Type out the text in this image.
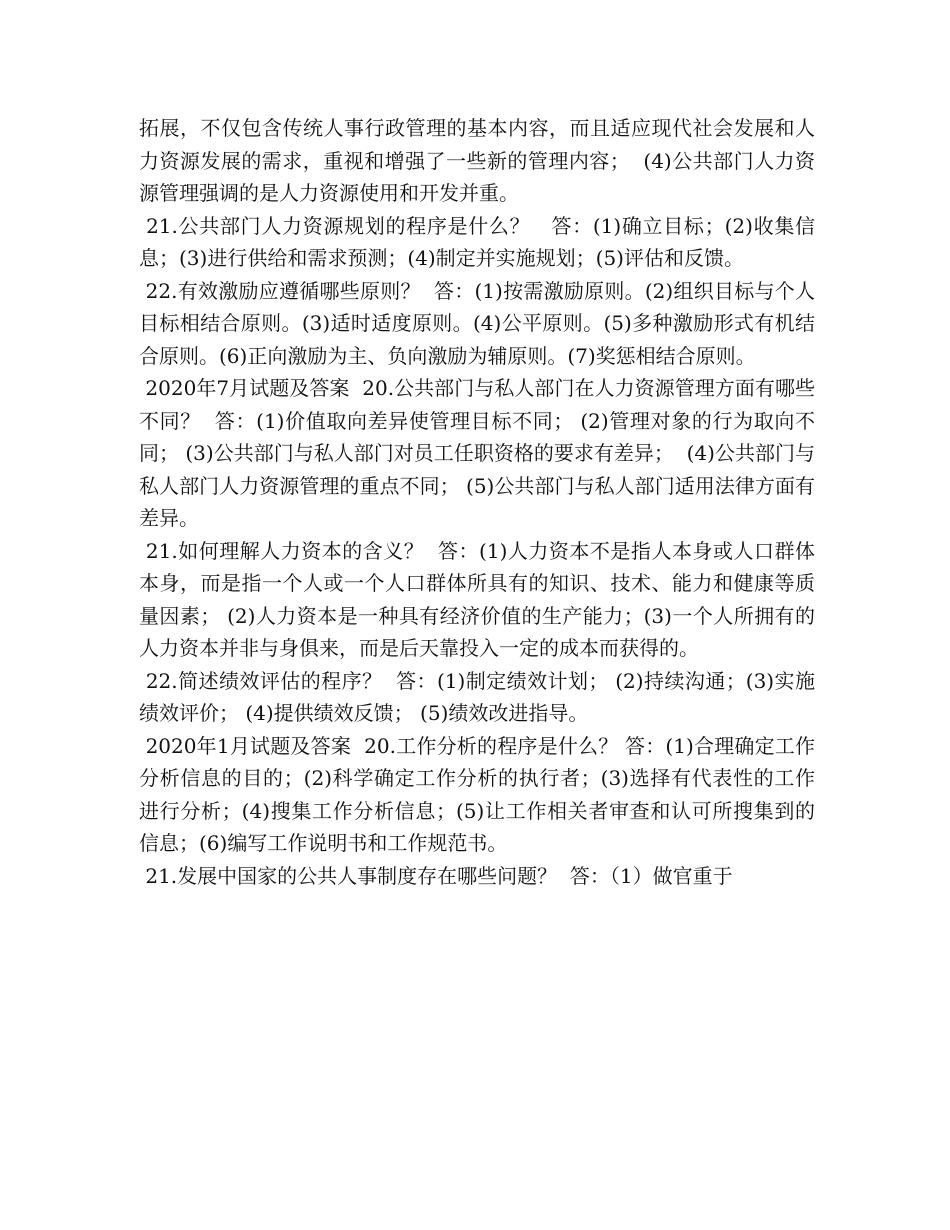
拓展，不仅包含传统人事行政管理的基本内容，而且适应现代社会发展和人力资源发展的需求，重视和增强了一些新的管理内容；  (4)公共部门人力资源管理强调的是人力资源使用和开发并重。

21.公共部门人力资源规划的程序是什么？   答：(1)确立目标；(2)收集信息；(3)进行供给和需求预测；(4)制定并实施规划；(5)评估和反馈。

22.有效激励应遵循哪些原则？  答：(1)按需激励原则。(2)组织目标与个人目标相结合原则。(3)适时适度原则。(4)公平原则。(5)多种激励形式有机结合原则。(6)正向激励为主、负向激励为辅原则。(7)奖惩相结合原则。

2020年7月试题及答案  20.公共部门与私人部门在人力资源管理方面有哪些不同？  答：(1)价值取向差异使管理目标不同； (2)管理对象的行为取向不同； (3)公共部门与私人部门对员工任职资格的要求有差异；  (4)公共部门与私人部门人力资源管理的重点不同； (5)公共部门与私人部门适用法律方面有差异。

21.如何理解人力资本的含义？  答：(1)人力资本不是指人本身或人口群体本身，而是指一个人或一个人口群体所具有的知识、技术、能力和健康等质量因素； (2)人力资本是一种具有经济价值的生产能力；(3)一个人所拥有的人力资本并非与身俱来，而是后天靠投入一定的成本而获得的。

22.简述绩效评估的程序？  答：(1)制定绩效计划； (2)持续沟通；(3)实施绩效评价； (4)提供绩效反馈； (5)绩效改进指导。

2020年1月试题及答案  20.工作分析的程序是什么？ 答：(1)合理确定工作分析信息的目的；(2)科学确定工作分析的执行者；(3)选择有代表性的工作进行分析；(4)搜集工作分析信息；(5)让工作相关者审查和认可所搜集到的信息；(6)编写工作说明书和工作规范书。

21.发展中国家的公共人事制度存在哪些问题？  答：（1）做官重于
